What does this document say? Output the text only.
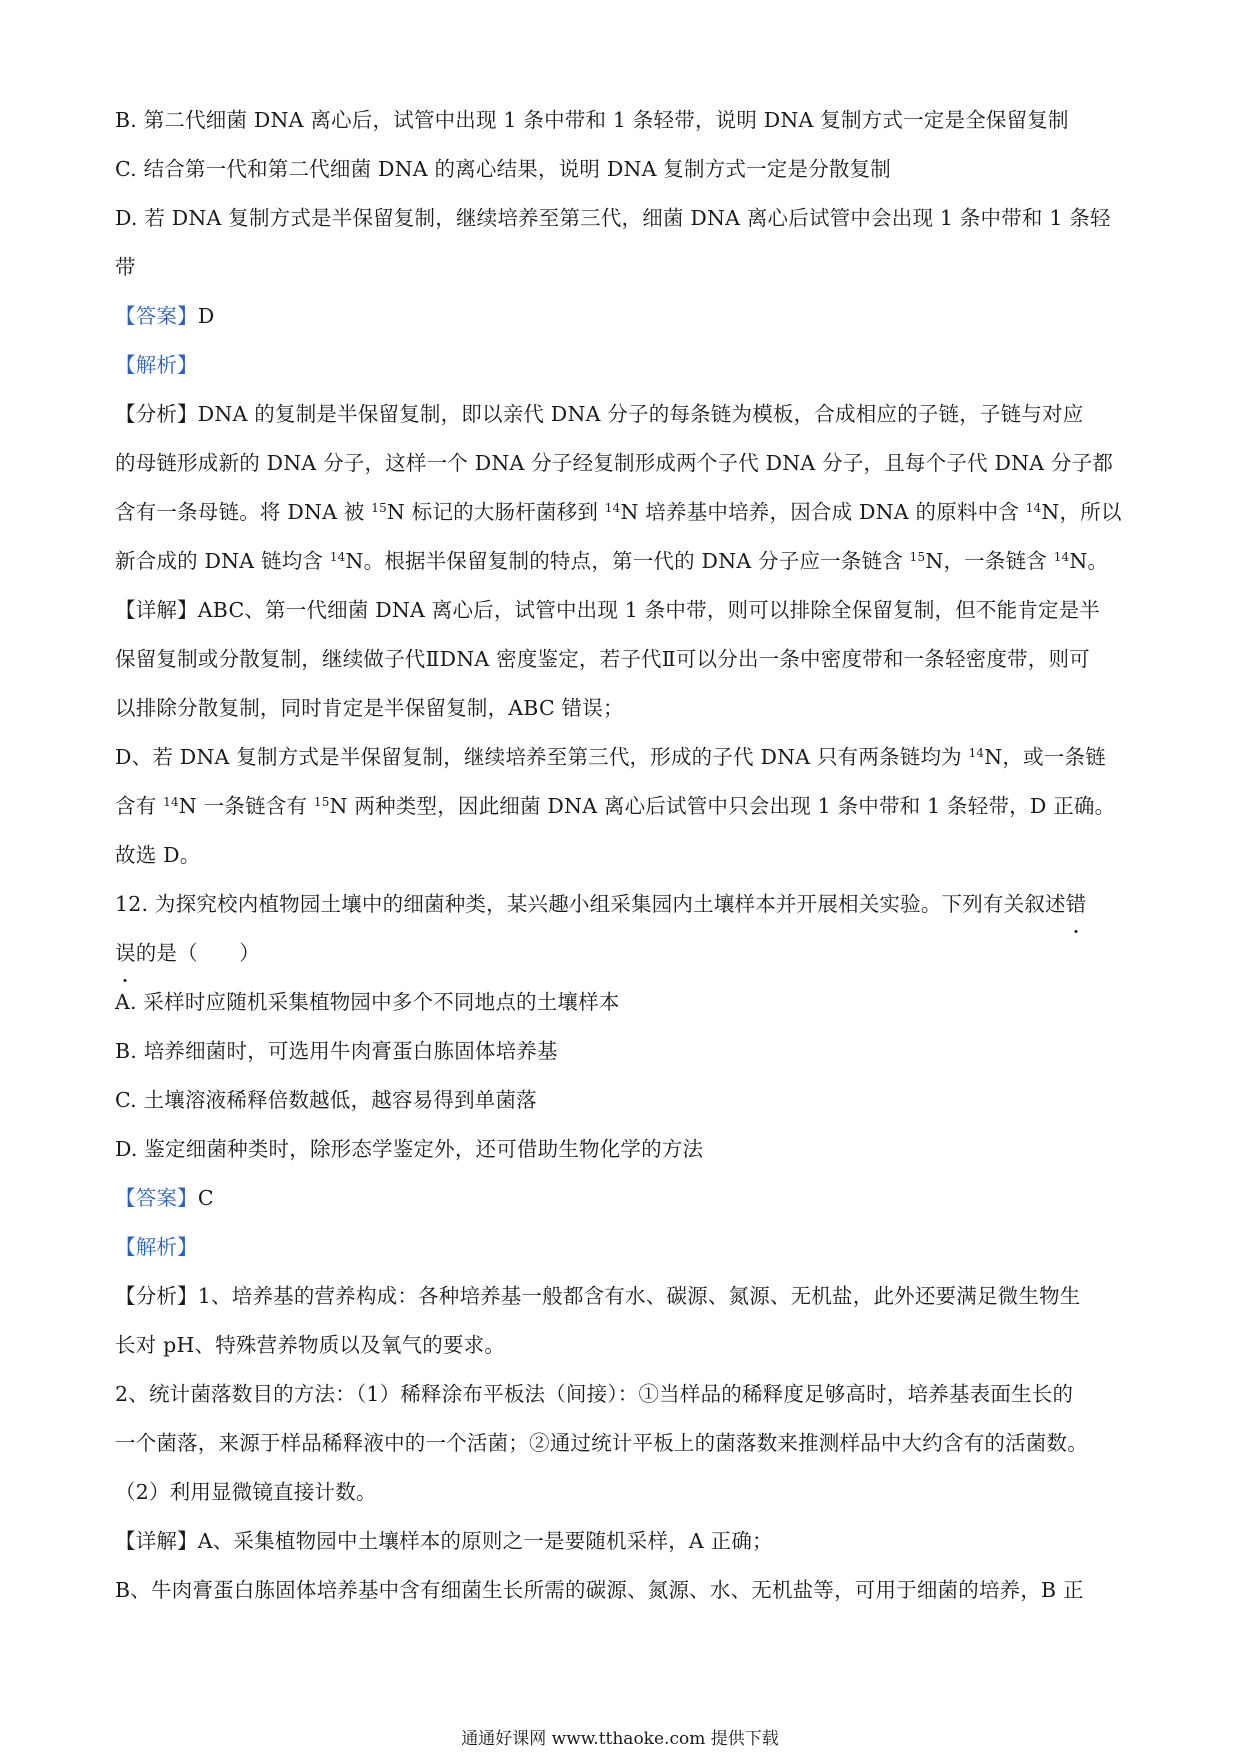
B. 第二代细菌 DNA 离心后，试管中出现 1 条中带和 1 条轻带，说明 DNA 复制方式一定是全保留复制
C. 结合第一代和第二代细菌 DNA 的离心结果，说明 DNA 复制方式一定是分散复制
D. 若 DNA 复制方式是半保留复制，继续培养至第三代，细菌 DNA 离心后试管中会出现 1 条中带和 1 条轻
带
【答案】D
【解析】
【分析】DNA 的复制是半保留复制，即以亲代 DNA 分子的每条链为模板，合成相应的子链，子链与对应
的母链形成新的 DNA 分子，这样一个 DNA 分子经复制形成两个子代 DNA 分子，且每个子代 DNA 分子都
含有一条母链。将 DNA 被 $^{15}$N 标记的大肠杆菌移到 $^{14}$N 培养基中培养，因合成 DNA 的原料中含 $^{14}$N，所以
新合成的 DNA 链均含 $^{14}$N。根据半保留复制的特点，第一代的 DNA 分子应一条链含 $^{15}$N，一条链含 $^{14}$N。
【详解】ABC、第一代细菌 DNA 离心后，试管中出现 1 条中带，则可以排除全保留复制，但不能肯定是半
保留复制或分散复制，继续做子代ⅡDNA 密度鉴定，若子代Ⅱ可以分出一条中密度带和一条轻密度带，则可
以排除分散复制，同时肯定是半保留复制，ABC 错误；
D、若 DNA 复制方式是半保留复制，继续培养至第三代，形成的子代 DNA 只有两条链均为 $^{14}$N，或一条链
含有 $^{14}$N 一条链含有 $^{15}$N 两种类型，因此细菌 DNA 离心后试管中只会出现 1 条中带和 1 条轻带，D 正确。
故选 D。
12. 为探究校内植物园土壤中的细菌种类，某兴趣小组采集园内土壤样本并开展相关实验。下列有关叙述错
误的是（　　）
A. 采样时应随机采集植物园中多个不同地点的土壤样本
B. 培养细菌时，可选用牛肉膏蛋白胨固体培养基
C. 土壤溶液稀释倍数越低，越容易得到单菌落
D. 鉴定细菌种类时，除形态学鉴定外，还可借助生物化学的方法
【答案】C
【解析】
【分析】1、培养基的营养构成：各种培养基一般都含有水、碳源、氮源、无机盐，此外还要满足微生物生
长对 pH、特殊营养物质以及氧气的要求。
2、统计菌落数目的方法：（1）稀释涂布平板法（间接）：①当样品的稀释度足够高时，培养基表面生长的
一个菌落，来源于样品稀释液中的一个活菌；②通过统计平板上的菌落数来推测样品中大约含有的活菌数。
（2）利用显微镜直接计数。
【详解】A、采集植物园中土壤样本的原则之一是要随机采样，A 正确；
B、牛肉膏蛋白胨固体培养基中含有细菌生长所需的碳源、氮源、水、无机盐等，可用于细菌的培养，B 正
通通好课网 www.tthaoke.com 提供下载
